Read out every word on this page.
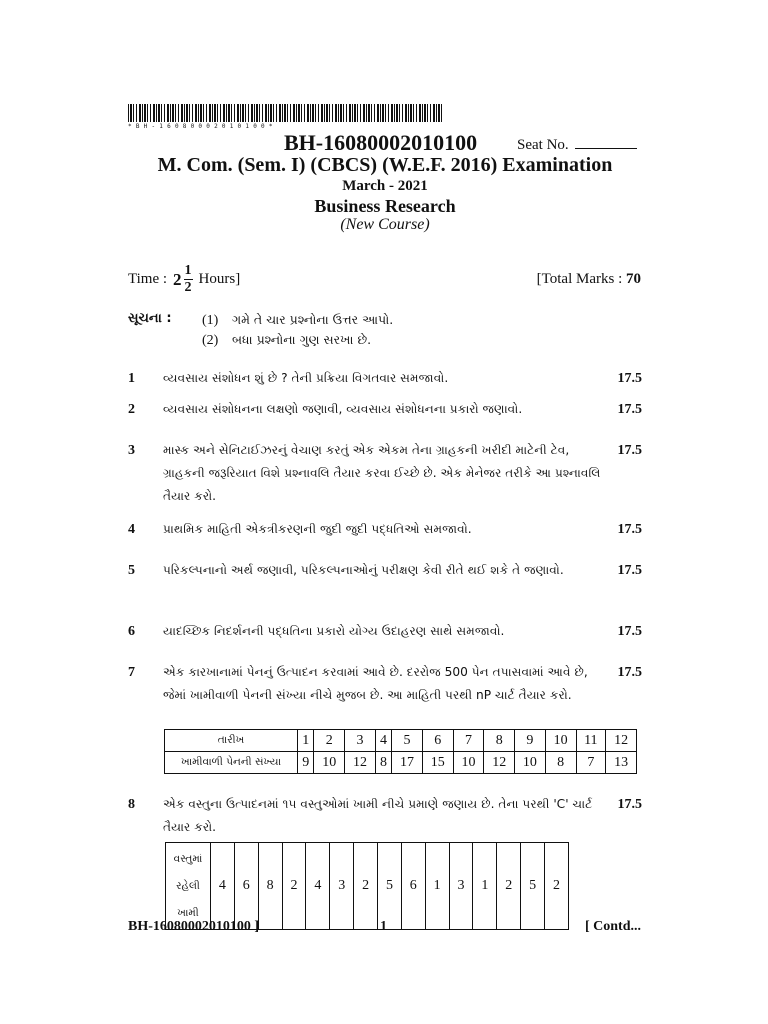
* B H - 1 6 0 8 0 0 0 2 0 1 0 1 0 0 *
BH-16080002010100	Seat No.
M. Com. (Sem. I) (CBCS) (W.E.F. 2016) Examination
March - 2021
Business Research
(New Course)
Time : $2 \frac{1}{2}$ Hours]	[Total Marks : 70
સૂચના : (1) ગમે તે ચાર પ્રશ્નોના ઉત્તર આપો.
(2) બધા પ્રશ્નોના ગુણ સરખા છે.
1 વ્યવસાય સંશોધન શું છે ? તેની પ્રક્રિયા વિગતવાર સમજાવો.	17.5
2 વ્યવસાય સંશોધનના લક્ષણો જણાવી, વ્યવસાય સંશોધનના પ્રકારો જણાવો.	17.5
3 માસ્ક અને સેનિટાઈઝરનું વેચાણ કરતું એક એકમ તેના ગ્રાહકની ખરીદી માટેની ટેવ, ગ્રાહકની જરૂરિયાત વિશે પ્રશ્નાવલિ તૈયાર કરવા ઈચ્છે છે. એક મેનેજર તરીકે આ પ્રશ્નાવલિ તૈયાર કરો.
17.5
4 પ્રાથમિક માહિતી એકત્રીકરણની જુદી જુદી પદ્ધતિઓ સમજાવો.	17.5
5 પરિકલ્પનાનો અર્થ જણાવી, પરિકલ્પનાઓનું પરીક્ષણ કેવી રીતે થઈ શકે તે જણાવો.	17.5
6 યાદચ્છિક નિદર્શનની પદ્ધતિના પ્રકારો યોગ્ય ઉદાહરણ સાથે સમજાવો.	17.5
7 એક કારખાનામાં પેનનું ઉત્પાદન કરવામાં આવે છે. દરરોજ 500 પેન તપાસવામાં આવે છે, જેમાં ખામીવાળી પેનની સંખ્યા નીચે મુજબ છે. આ માહિતી પરથી nP ચાર્ટ તૈયાર કરો.
17.5
તારીખ	1	2	3	4	5	6	7	8	9	10	11	12
ખામીવાળી પેનની સંખ્યા	9	10	12	8	17	15	10	12	10	8	7	13
8 એક વસ્તુના ઉત્પાદનમાં ૧૫ વસ્તુઓમાં ખામી નીચે પ્રમાણે જણાય છે. તેના પરથી 'C' ચાર્ટ તૈયાર કરો.
17.5
વસ્તુમાં
રહેલી
ખામી
	4	6	8	2	4	3	2	5	6	1	3	1	2	5	2
BH-16080002010100 ]	1	[ Contd...
